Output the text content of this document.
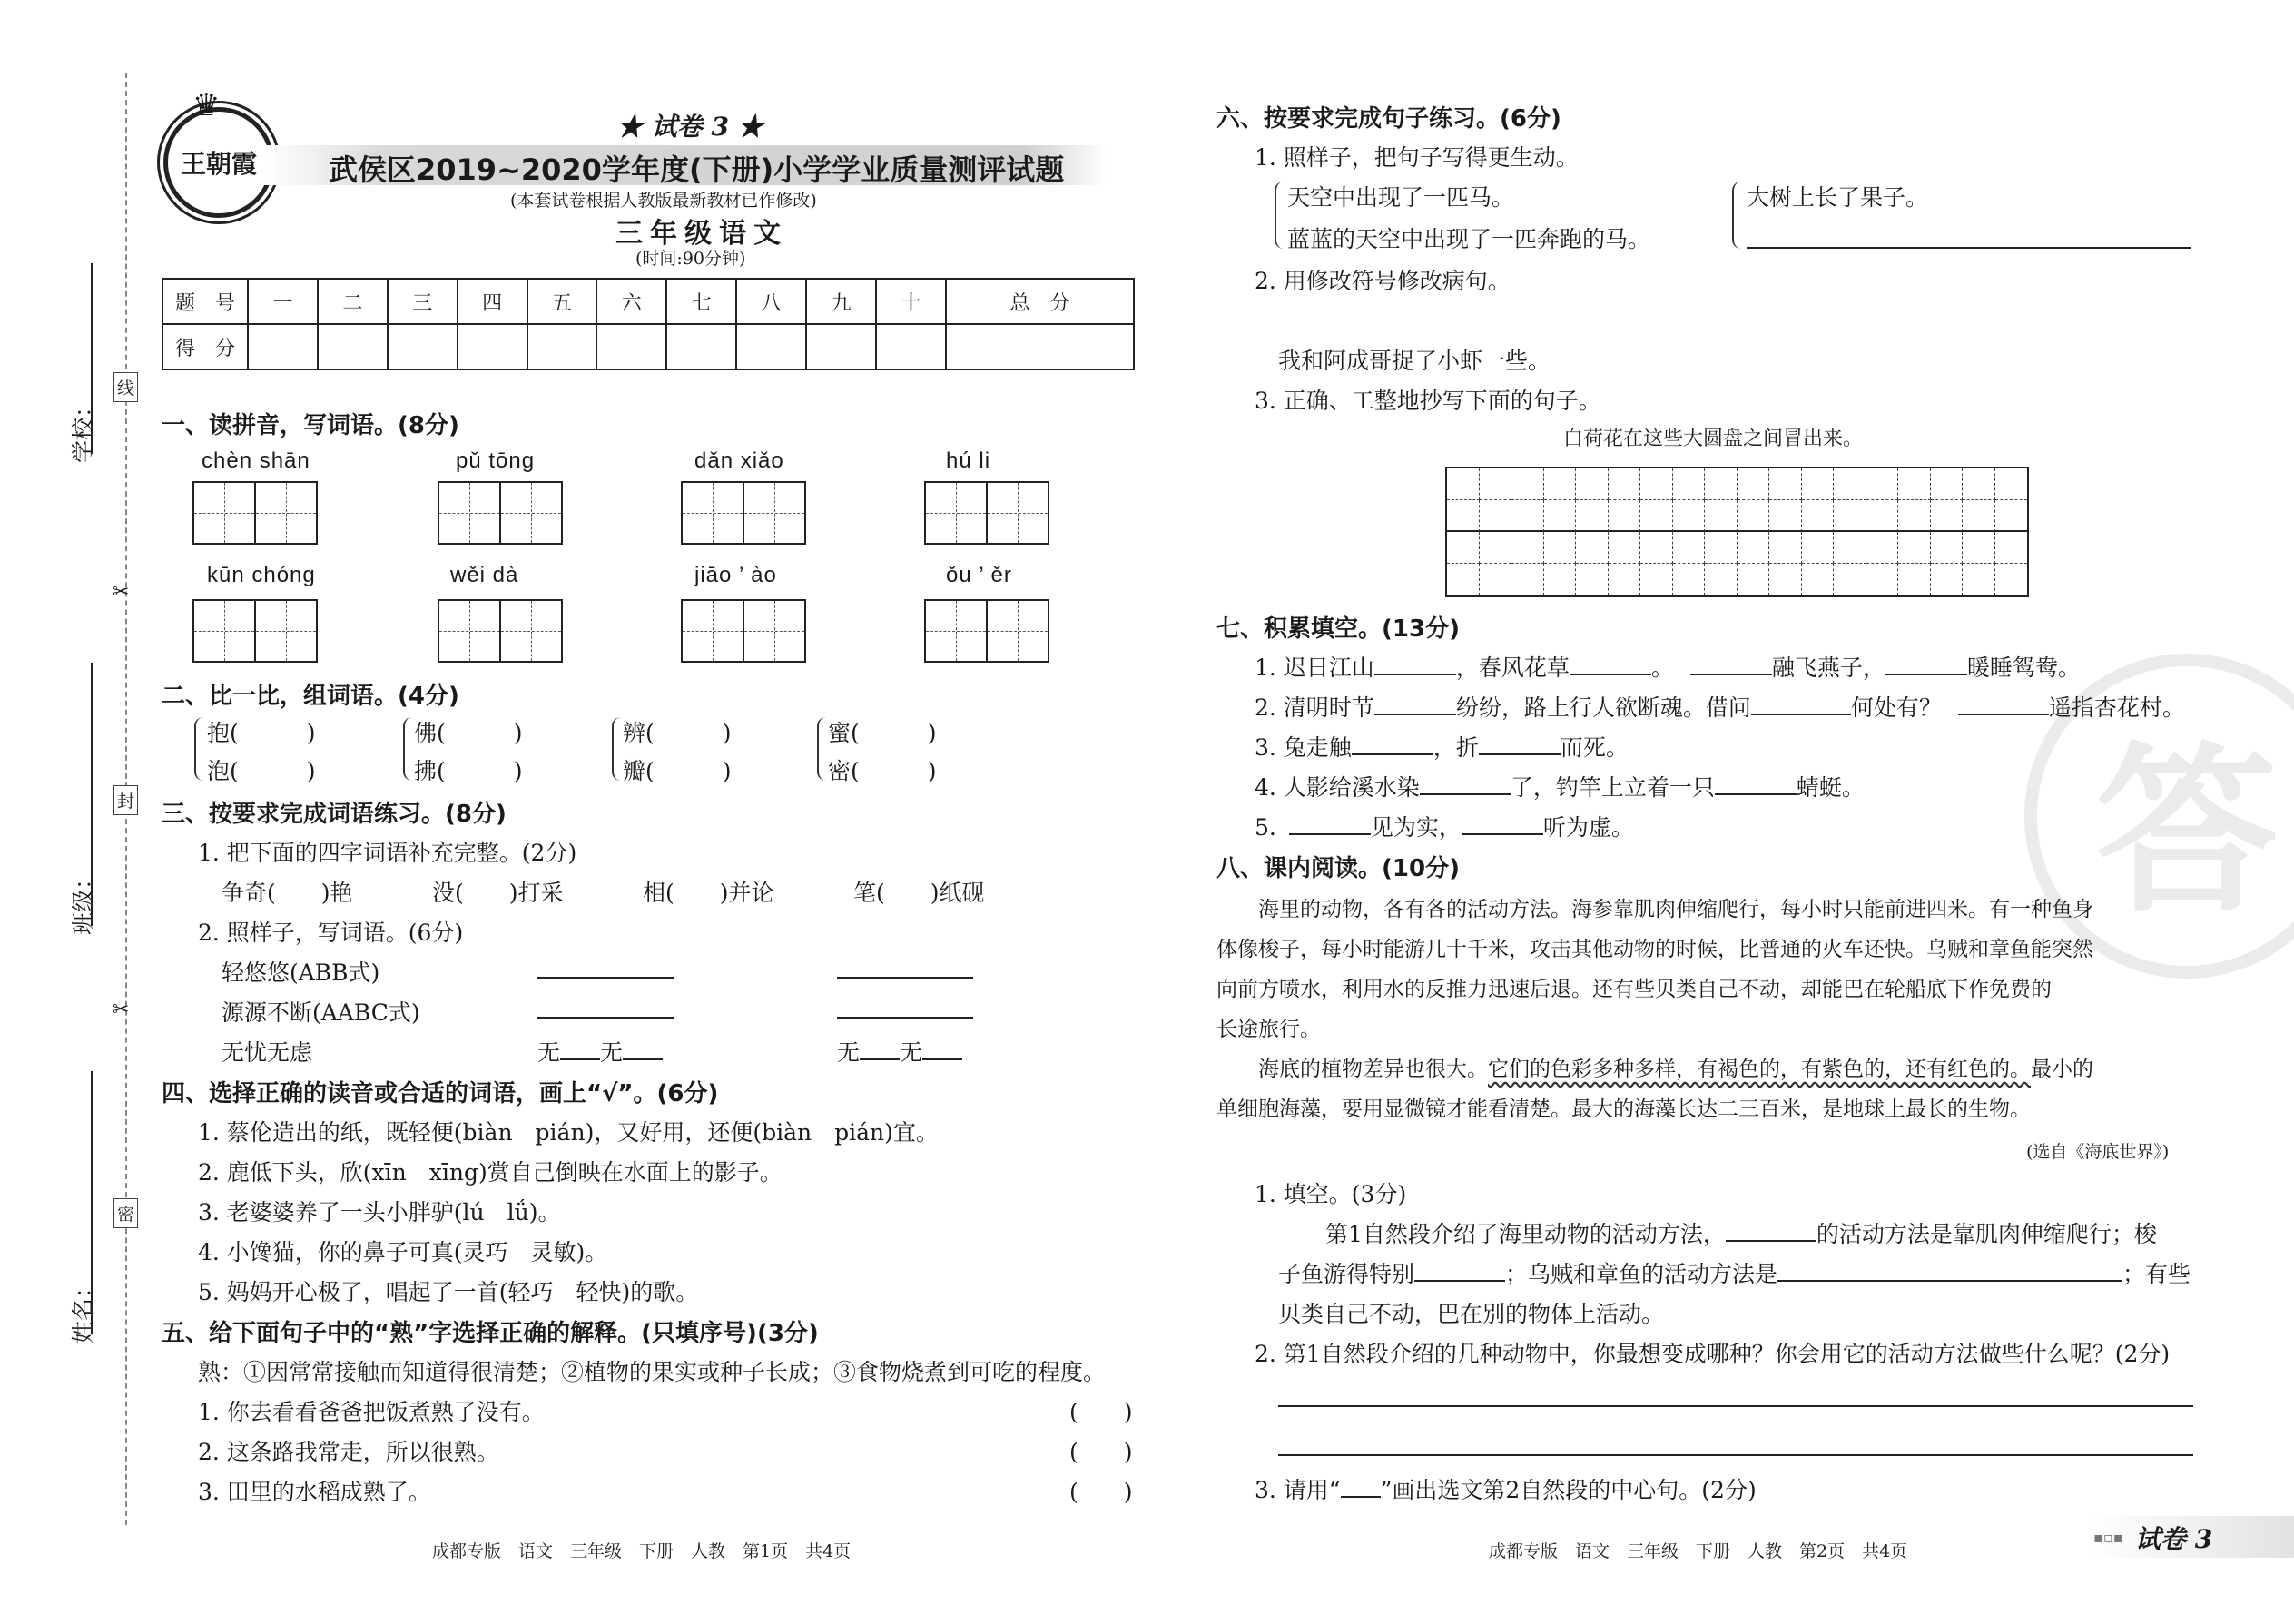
学校：
班级：
姓名：
线
封
密
✂
✂
王朝霞
♛
★ 试卷 3 ★
武侯区2019~2020学年度(下册)小学学业质量测评试题
(本套试卷根据人教版最新教材已作修改)
三年级语文
(时间:90分钟)
题　号	一	二	三	四	五	六	七	八	九	十	总　分
得　分											
一、读拼音，写词语。(8分)
chèn shān	pǔ tōng	dǎn xiǎo	hú li
kūn chóng	wěi dà	jiāo ’ ào	ǒu ’ ěr
二、比一比，组词语。(4分)
抱(　　　)
泡(　　　)
佛(　　　)
拂(　　　)
辨(　　　)
瓣(　　　)
蜜(　　　)
密(　　　)
三、按要求完成词语练习。(8分)
1. 把下面的四字词语补充完整。(2分)
争奇(　　)艳	没(　　)打采	相(　　)并论	笔(　　)纸砚
2. 照样子，写词语。(6分)
轻悠悠(ABB式)
源源不断(AABC式)
无忧无虑	无 无	无 无
四、选择正确的读音或合适的词语，画上“√”。(6分)
1. 蔡伦造出的纸，既轻便(biàn　pián)，又好用，还便(biàn　pián)宜。
2. 鹿低下头，欣(xīn　xīng)赏自己倒映在水面上的影子。
3. 老婆婆养了一头小胖驴(lú　lǘ)。
4. 小馋猫，你的鼻子可真(灵巧　灵敏)。
5. 妈妈开心极了，唱起了一首(轻巧　轻快)的歌。
五、给下面句子中的“熟”字选择正确的解释。(只填序号)(3分)
熟：①因常常接触而知道得很清楚；②植物的果实或种子长成；③食物烧煮到可吃的程度。
1. 你去看看爸爸把饭煮熟了没有。	(　　)
2. 这条路我常走，所以很熟。	(　　)
3. 田里的水稻成熟了。	(　　)
成都专版　语文　三年级　下册　人教　第1页　共4页
六、按要求完成句子练习。(6分)
1. 照样子，把句子写得更生动。
天空中出现了一匹马。
蓝蓝的天空中出现了一匹奔跑的马。
大树上长了果子。
2. 用修改符号修改病句。
我和阿成哥捉了小虾一些。
3. 正确、工整地抄写下面的句子。
白荷花在这些大圆盘之间冒出来。
七、积累填空。(13分)
1. 迟日江山	，春风花草	。	融飞燕子，	暖睡鸳鸯。
2. 清明时节	纷纷，路上行人欲断魂。借问	何处有？	遥指杏花村。
3. 兔走触	，折	而死。
4. 人影给溪水染	了，钓竿上立着一只	蜻蜓。
5.	见为实，	听为虚。
八、课内阅读。(10分)
海里的动物，各有各的活动方法。海参靠肌肉伸缩爬行，每小时只能前进四米。有一种鱼身
体像梭子，每小时能游几十千米，攻击其他动物的时候，比普通的火车还快。乌贼和章鱼能突然
向前方喷水，利用水的反推力迅速后退。还有些贝类自己不动，却能巴在轮船底下作免费的
长途旅行。
海底的植物差异也很大。它们的色彩多种多样，有褐色的，有紫色的，还有红色的。最小的
单细胞海藻，要用显微镜才能看清楚。最大的海藻长达二三百米，是地球上最长的生物。
(选自《海底世界》)
1. 填空。(3分)
第1自然段介绍了海里动物的活动方法，	的活动方法是靠肌肉伸缩爬行；梭
子鱼游得特别	；乌贼和章鱼的活动方法是	；有些
贝类自己不动，巴在别的物体上活动。
2. 第1自然段介绍的几种动物中，你最想变成哪种？你会用它的活动方法做些什么呢？(2分)
3. 请用“ ”画出选文第2自然段的中心句。(2分)
成都专版　语文　三年级　下册　人教　第2页　共4页
▪▫▪ 试卷 3
答
